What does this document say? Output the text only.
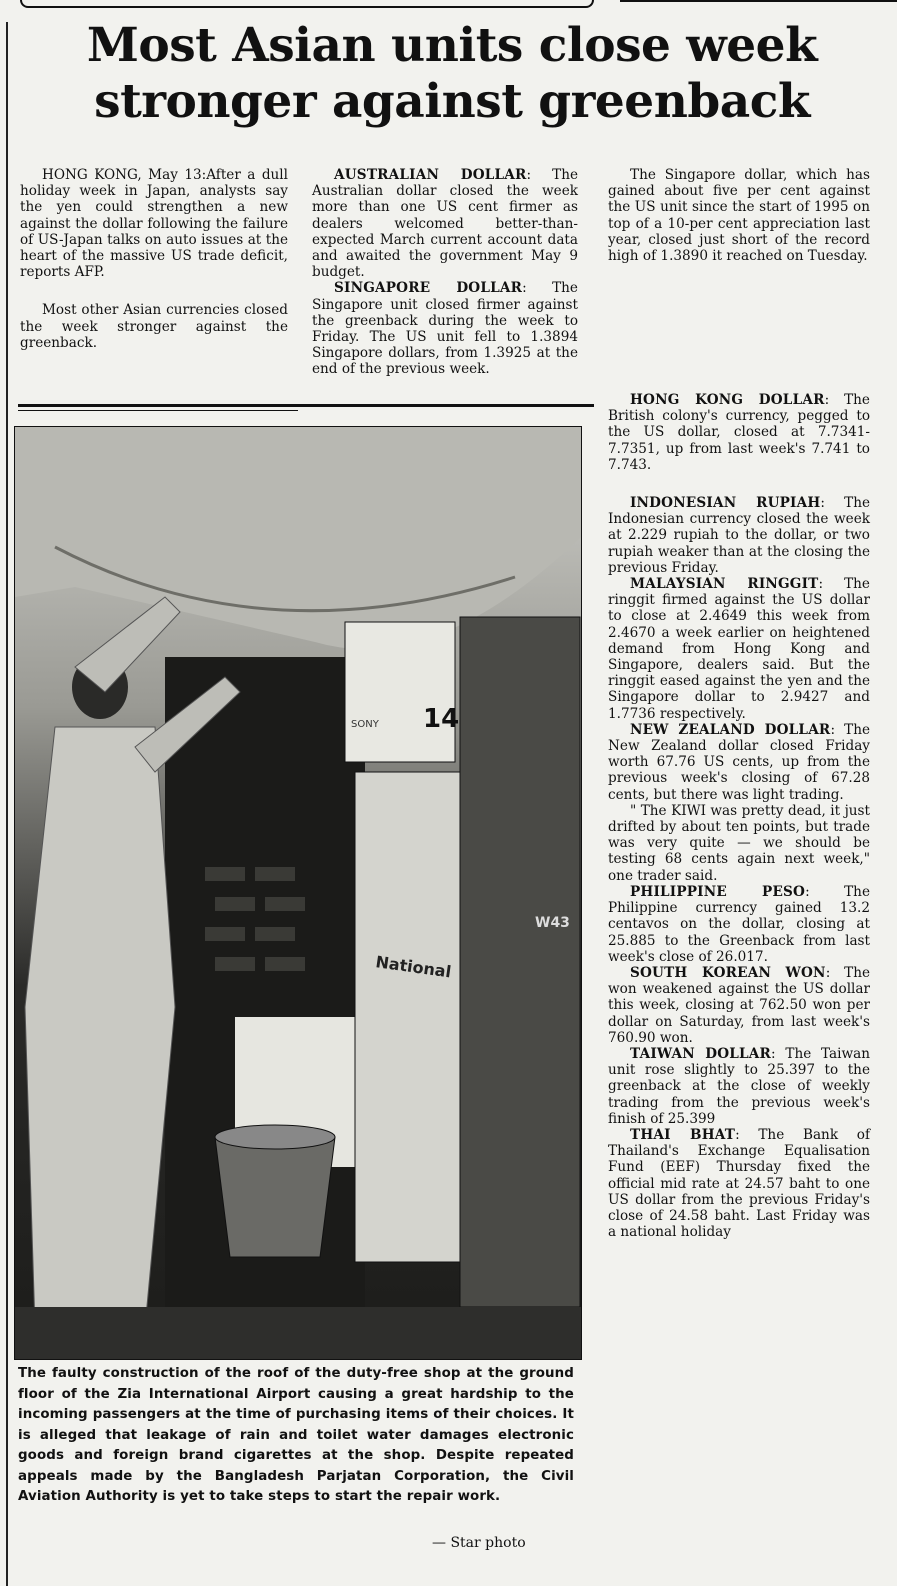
Most Asian units close week
stronger against greenback

HONG KONG, May 13:After a dull holiday week in Japan, analysts say the yen could strengthen a new against the dollar following the failure of US-Japan talks on auto issues at the heart of the massive US trade deficit, reports AFP.

Most other Asian currencies closed the week stronger against the greenback.

AUSTRALIAN DOLLAR: The Australian dollar closed the week more than one US cent firmer as dealers welcomed better-than-expected March current account data and awaited the government May 9 budget.

SINGAPORE DOLLAR: The Singapore unit closed firmer against the greenback during the week to Friday. The US unit fell to 1.3894 Singapore dollars, from 1.3925 at the end of the previous week.

The Singapore dollar, which has gained about five per cent against the US unit since the start of 1995 on top of a 10-per cent appreciation last year, closed just short of the record high of 1.3890 it reached on Tuesday.

14
SONY
National
W43

The faulty construction of the roof of the duty-free shop at the ground floor of the Zia International Airport causing a great hardship to the incoming passengers at the time of purchasing items of their choices. It is alleged that leakage of rain and toilet water damages electronic goods and foreign brand cigarettes at the shop. Despite repeated appeals made by the Bangladesh Parjatan Corporation, the Civil Aviation Authority is yet to take steps to start the repair work.

— Star photo

HONG KONG DOLLAR: The British colony's currency, pegged to the US dollar, closed at 7.7341-7.7351, up from last week's 7.741 to 7.743.

INDONESIAN RUPIAH: The Indonesian currency closed the week at 2.229 rupiah to the dollar, or two rupiah weaker than at the closing the previous Friday.

MALAYSIAN RINGGIT: The ringgit firmed against the US dollar to close at 2.4649 this week from 2.4670 a week earlier on heightened demand from Hong Kong and Singapore, dealers said. But the ringgit eased against the yen and the Singapore dollar to 2.9427 and 1.7736 respectively.

NEW ZEALAND DOLLAR: The New Zealand dollar closed Friday worth 67.76 US cents, up from the previous week's closing of 67.28 cents, but there was light trading.

" The KIWI was pretty dead, it just drifted by about ten points, but trade was very quite — we should be testing 68 cents again next week," one trader said.

PHILIPPINE PESO: The Philippine currency gained 13.2 centavos on the dollar, closing at 25.885 to the Greenback from last week's close of 26.017.

SOUTH KOREAN WON: The won weakened against the US dollar this week, closing at 762.50 won per dollar on Saturday, from last week's 760.90 won.

TAIWAN DOLLAR: The Taiwan unit rose slightly to 25.397 to the greenback at the close of weekly trading from the previous week's finish of 25.399

THAI BHAT: The Bank of Thailand's Exchange Equalisation Fund (EEF) Thursday fixed the official mid rate at 24.57 baht to one US dollar from the previous Friday's close of 24.58 baht. Last Friday was a national holiday
